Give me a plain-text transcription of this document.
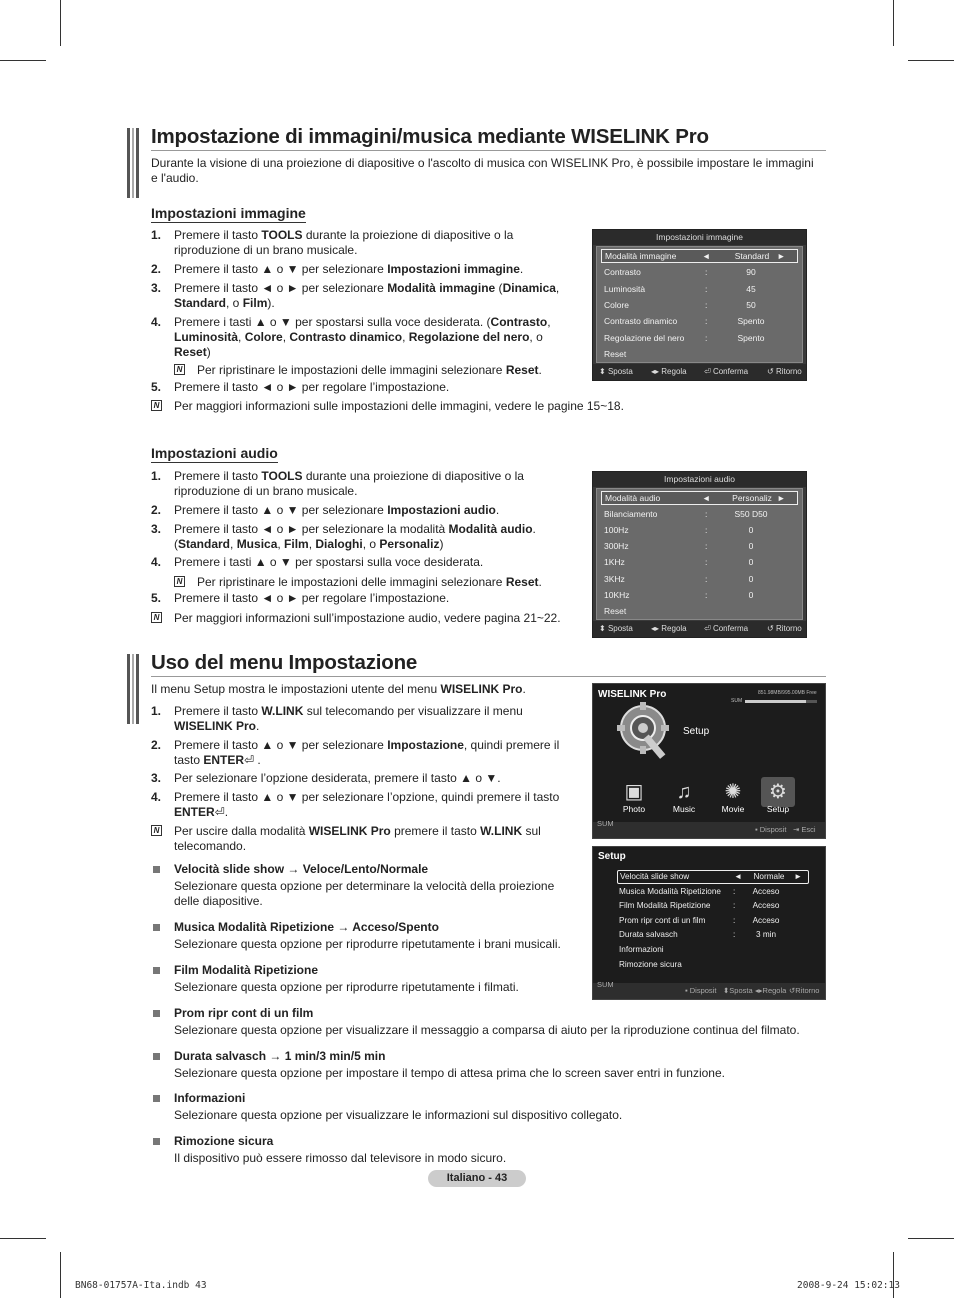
Impostazione di immagini/musica mediante WISELINK Pro
Durante la visione di una proiezione di diapositive o l'ascolto di musica con WISELINK Pro, è possibile impostare le immagini e l'audio.
Impostazioni immagine
1. Premere il tasto TOOLS durante la proiezione di diapositive o la
riproduzione di un brano musicale.
2. Premere il tasto ▲ o ▼ per selezionare Impostazioni immagine.
3. Premere il tasto ◄ o ► per selezionare Modalità immagine (Dinamica,
Standard, o Film).
4. Premere i tasti ▲ o ▼ per spostarsi sulla voce desiderata. (Contrasto,
Luminosità, Colore, Contrasto dinamico, Regolazione del nero, o
Reset)
5. Premere il tasto ◄ o ► per regolare l’impostazione.
N Per ripristinare le impostazioni delle immagini selezionare Reset.
N Per maggiori informazioni sulle impostazioni delle immagini, vedere le pagine 15~18.
Impostazioni immagine
Modalità immagine	◄	►
Standard
Contrasto	:	90
Luminosità	:	45
Colore	:	50
Contrasto dinamico	:	Spento
Regolazione del nero :	Spento
Reset
⬍ Sposta ◂▸ Regola ⏎ Conferma ↺ Ritorno
Impostazioni audio
1. Premere il tasto TOOLS durante una proiezione di diapositive o la
riproduzione di un brano musicale.
2. Premere il tasto ▲ o ▼ per selezionare Impostazioni audio.
3. Premere il tasto ◄ o ► per selezionare la modalità Modalità audio.
(Standard, Musica, Film, Dialoghi, o Personaliz)
4. Premere i tasti ▲ o ▼ per spostarsi sulla voce desiderata.
5. Premere il tasto ◄ o ► per regolare l’impostazione.
N Per ripristinare le impostazioni delle immagini selezionare Reset.
N Per maggiori informazioni sull’impostazione audio, vedere pagina 21~22.
Impostazioni audio
Modalità audio	◄	►
Personaliz
Bilanciamento	:	S50 D50
100Hz	:	0
300Hz	:	0
1KHz	:	0
3KHz	:	0
10KHz	:	0
Reset
⬍ Sposta ◂▸ Regola ⏎ Conferma ↺ Ritorno
Uso del menu Impostazione
Il menu Setup mostra le impostazioni utente del menu WISELINK Pro.
1. Premere il tasto W.LINK sul telecomando per visualizzare il menu
WISELINK Pro.
2. Premere il tasto ▲ o ▼ per selezionare Impostazione, quindi premere il
tasto ENTER⏎ .
3. Per selezionare l’opzione desiderata, premere il tasto ▲ o ▼.
4. Premere il tasto ▲ o ▼ per selezionare l’opzione, quindi premere il tasto
ENTER⏎.
N Per uscire dalla modalità WISELINK Pro premere il tasto W.LINK sul
telecomando.
Velocità slide show → Veloce/Lento/Normale
Selezionare questa opzione per determinare la velocità della proiezione
delle diapositive.
Musica Modalità Ripetizione → Acceso/Spento
Selezionare questa opzione per riprodurre ripetutamente i brani musicali.
Film Modalità Ripetizione
Selezionare questa opzione per riprodurre ripetutamente i filmati.
Prom ripr cont di un film
Selezionare questa opzione per visualizzare il messaggio a comparsa di aiuto per la riproduzione continua del filmato.
Durata salvasch → 1 min/3 min/5 min
Selezionare questa opzione per impostare il tempo di attesa prima che lo screen saver entri in funzione.
Informazioni
Selezionare questa opzione per visualizzare le informazioni sul dispositivo collegato.
Rimozione sicura
Il dispositivo può essere rimosso dal televisore in modo sicuro.
WISELINK Pro	851.98MB/995.00MB Free
SUM
Setup
SUM
▪ Disposit ⇥ Esci
▣
Photo
♫
Music
✺
Movie
⚙
Setup
Setup
Velocità slide show	◄	►
Normale
Musica Modalità Ripetizione :	Acceso
Film Modalità Ripetizione	:	Acceso
Prom ripr cont di un film	:	Acceso
Durata salvasch	:	3 min
Informazioni
Rimozione sicura
SUM
▪ Disposit ⬍Sposta ◂▸Regola ↺Ritorno
Italiano - 43
BN68-01757A-Ita.indb 43	2008-9-24 15:02:13
